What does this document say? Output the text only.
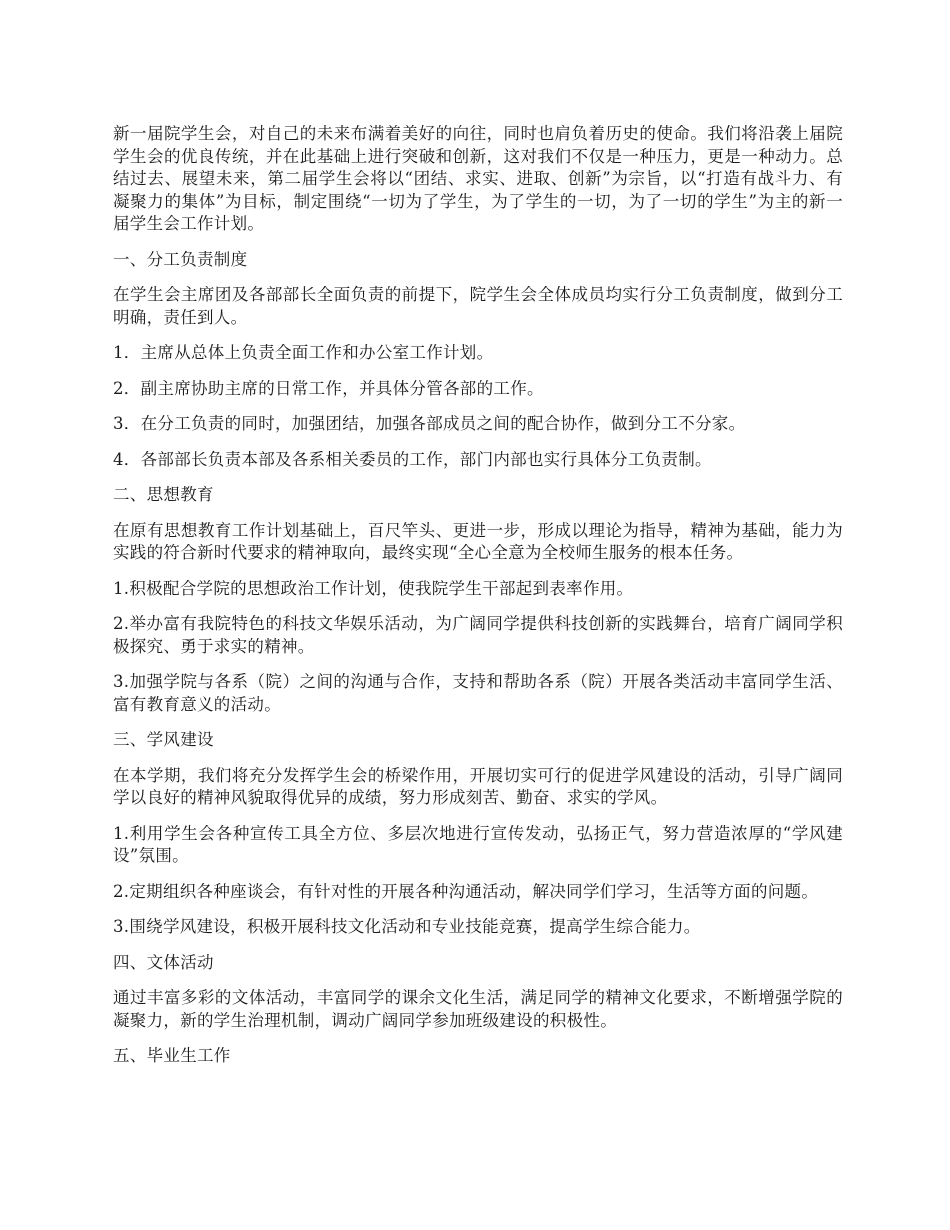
新一届院学生会，对自己的未来布满着美好的向往，同时也肩负着历史的使命。我们将沿袭上届院学生会的优良传统，并在此基础上进行突破和创新，这对我们不仅是一种压力，更是一种动力。总结过去、展望未来，第二届学生会将以“团结、求实、进取、创新”为宗旨，以“打造有战斗力、有凝聚力的集体”为目标，制定围绕“一切为了学生，为了学生的一切，为了一切的学生”为主的新一届学生会工作计划。

一、分工负责制度

在学生会主席团及各部部长全面负责的前提下，院学生会全体成员均实行分工负责制度，做到分工明确，责任到人。

1．主席从总体上负责全面工作和办公室工作计划。

2．副主席协助主席的日常工作，并具体分管各部的工作。

3．在分工负责的同时，加强团结，加强各部成员之间的配合协作，做到分工不分家。

4．各部部长负责本部及各系相关委员的工作，部门内部也实行具体分工负责制。

二、思想教育

在原有思想教育工作计划基础上，百尺竿头、更进一步，形成以理论为指导，精神为基础，能力为实践的符合新时代要求的精神取向，最终实现“全心全意为全校师生服务的根本任务。

1.积极配合学院的思想政治工作计划，使我院学生干部起到表率作用。

2.举办富有我院特色的科技文华娱乐活动，为广阔同学提供科技创新的实践舞台，培育广阔同学积极探究、勇于求实的精神。

3.加强学院与各系（院）之间的沟通与合作，支持和帮助各系（院）开展各类活动丰富同学生活、富有教育意义的活动。

三、学风建设

在本学期，我们将充分发挥学生会的桥梁作用，开展切实可行的促进学风建设的活动，引导广阔同学以良好的精神风貌取得优异的成绩，努力形成刻苦、勤奋、求实的学风。

1.利用学生会各种宣传工具全方位、多层次地进行宣传发动，弘扬正气，努力营造浓厚的“学风建设”氛围。

2.定期组织各种座谈会，有针对性的开展各种沟通活动，解决同学们学习，生活等方面的问题。

3.围绕学风建设，积极开展科技文化活动和专业技能竞赛，提高学生综合能力。

四、文体活动

通过丰富多彩的文体活动，丰富同学的课余文化生活，满足同学的精神文化要求，不断增强学院的凝聚力，新的学生治理机制，调动广阔同学参加班级建设的积极性。

五、毕业生工作
